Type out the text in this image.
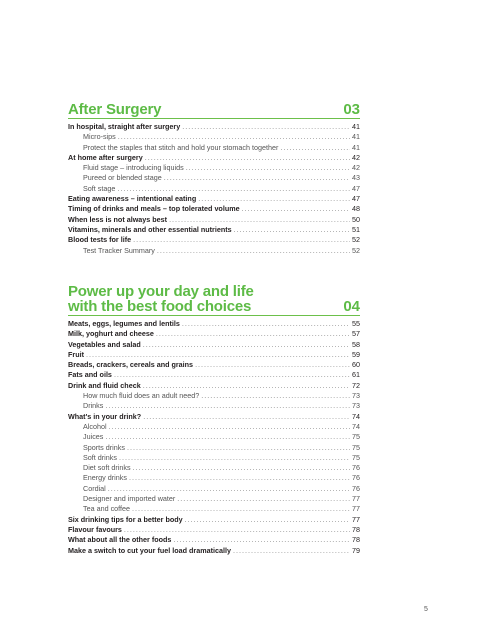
After Surgery	03
In hospital, straight after surgery .....	41
Micro-sips .....	41
Protect the staples that stitch and hold your stomach together .....	41
At home after surgery .....	42
Fluid stage – introducing liquids .....	42
Pureed or blended stage .....	43
Soft stage .....	47
Eating awareness – intentional eating .....	47
Timing of drinks and meals – top tolerated volume .....	48
When less is not always best .....	50
Vitamins, minerals and other essential nutrients .....	51
Blood tests for life .....	52
Test Tracker Summary .....	52
Power up your day and life
with the best food choices	04
Meats, eggs, legumes and lentils .....	55
Milk, yoghurt and cheese .....	57
Vegetables and salad .....	58
Fruit .....	59
Breads, crackers, cereals and grains .....	60
Fats and oils .....	61
Drink and fluid check .....	72
How much fluid does an adult need? .....	73
Drinks .....	73
What's in your drink? .....	74
Alcohol .....	74
Juices .....	75
Sports drinks .....	75
Soft drinks .....	75
Diet soft drinks .....	76
Energy drinks .....	76
Cordial .....	76
Designer and imported water .....	77
Tea and coffee .....	77
Six drinking tips for a better body .....	77
Flavour favours .....	78
What about all the other foods .....	78
Make a switch to cut your fuel load dramatically .....	79
5
